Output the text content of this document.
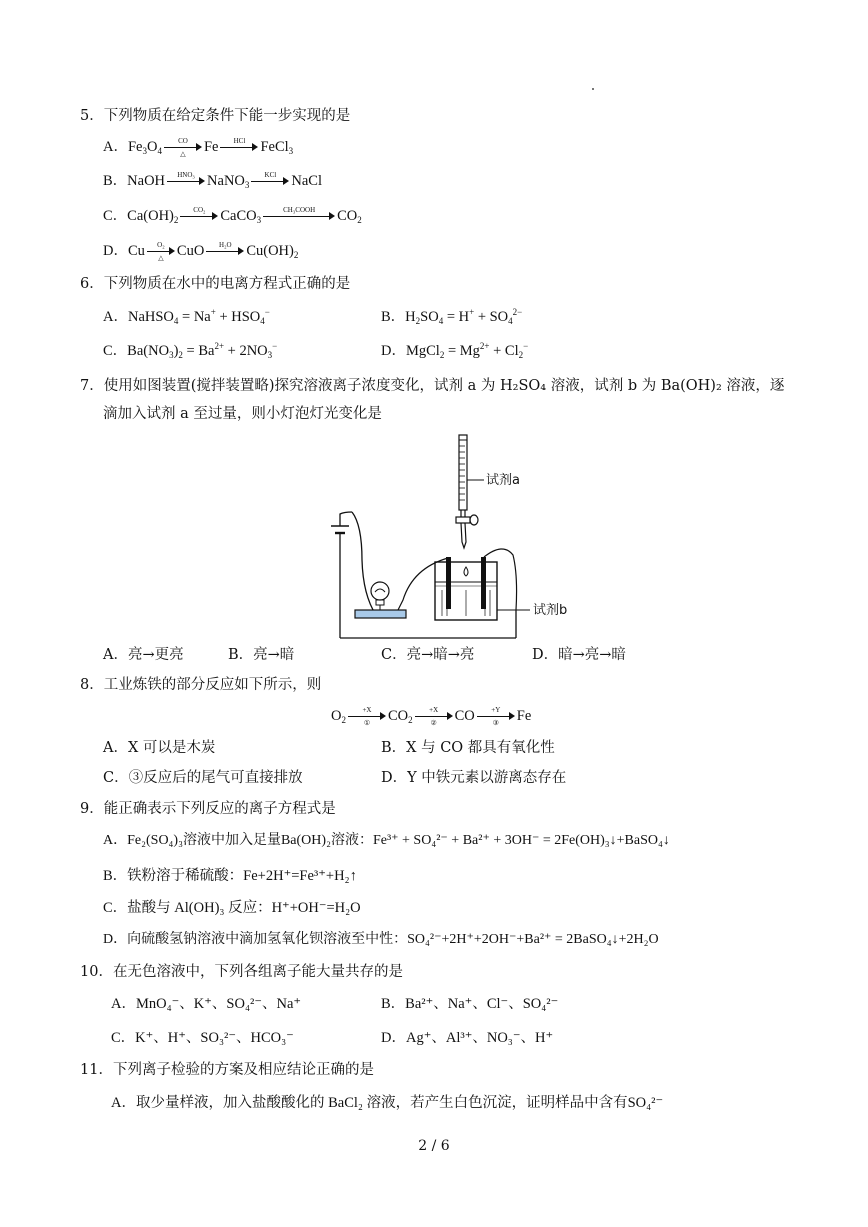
5．下列物质在给定条件下能一步实现的是
A．$Fe_3O_4$
CO
△	Fe	HCl	FeCl$_3$
B．NaOH	HNO₃ NaNO$_3$
KCl	NaCl
C．$Ca(OH)_2$
CO₂	CaCO$_3$
CH₃COOH	$CO_2$
D．Cu	O₂
△ CuO	H₂O	$Cu(OH)_2$
6．下列物质在水中的电离方程式正确的是
A．NaHSO$_4$ = $Na^+ + HSO_4^-$	B．$H_2SO_4 = H^+ + SO_4^{2-}$
C．$Ba(NO_3)_2 = Ba^{2+} + 2NO_3^-$	D．MgCl$_2$ = $Mg^{2+} + Cl_2^-$
7．使用如图装置(搅拌装置略)探究溶液离子浓度变化，试剂 a 为 H₂SO₄ 溶液，试剂 b 为 Ba(OH)₂ 溶液，逐
滴加入试剂 a 至过量，则小灯泡灯光变化是
试剂a
试剂b
A．亮→更亮	B．亮→暗	C．亮→暗→亮	D．暗→亮→暗
8．工业炼铁的部分反应如下所示，则
$O_2$
+X
①	$CO_2$
+X
②	CO	+Y
③	Fe
A．X 可以是木炭	B．X 与 CO 都具有氧化性
C．③反应后的尾气可直接排放	D．Y 中铁元素以游离态存在
9．能正确表示下列反应的离子方程式是
A．Fe₂(SO₄)₃溶液中加入足量Ba(OH)₂溶液：Fe³⁺ + SO₄²⁻ + Ba²⁺ + 3OH⁻ = 2Fe(OH)₃↓+BaSO₄↓
B．铁粉溶于稀硫酸：Fe+2H⁺=Fe³⁺+H₂↑
C．盐酸与 Al(OH)₃ 反应：H⁺+OH⁻=H₂O
D．向硫酸氢钠溶液中滴加氢氧化钡溶液至中性：SO₄²⁻+2H⁺+2OH⁻+Ba²⁺ = 2BaSO₄↓+2H₂O
10．在无色溶液中，下列各组离子能大量共存的是
A．MnO₄⁻、K⁺、SO₄²⁻、Na⁺	B．Ba²⁺、Na⁺、Cl⁻、SO₄²⁻
C．K⁺、H⁺、SO₃²⁻、HCO₃⁻	D．Ag⁺、Al³⁺、NO₃⁻、H⁺
11．下列离子检验的方案及相应结论正确的是
A．取少量样液，加入盐酸酸化的 BaCl₂ 溶液，若产生白色沉淀，证明样品中含有SO₄²⁻
2 / 6
